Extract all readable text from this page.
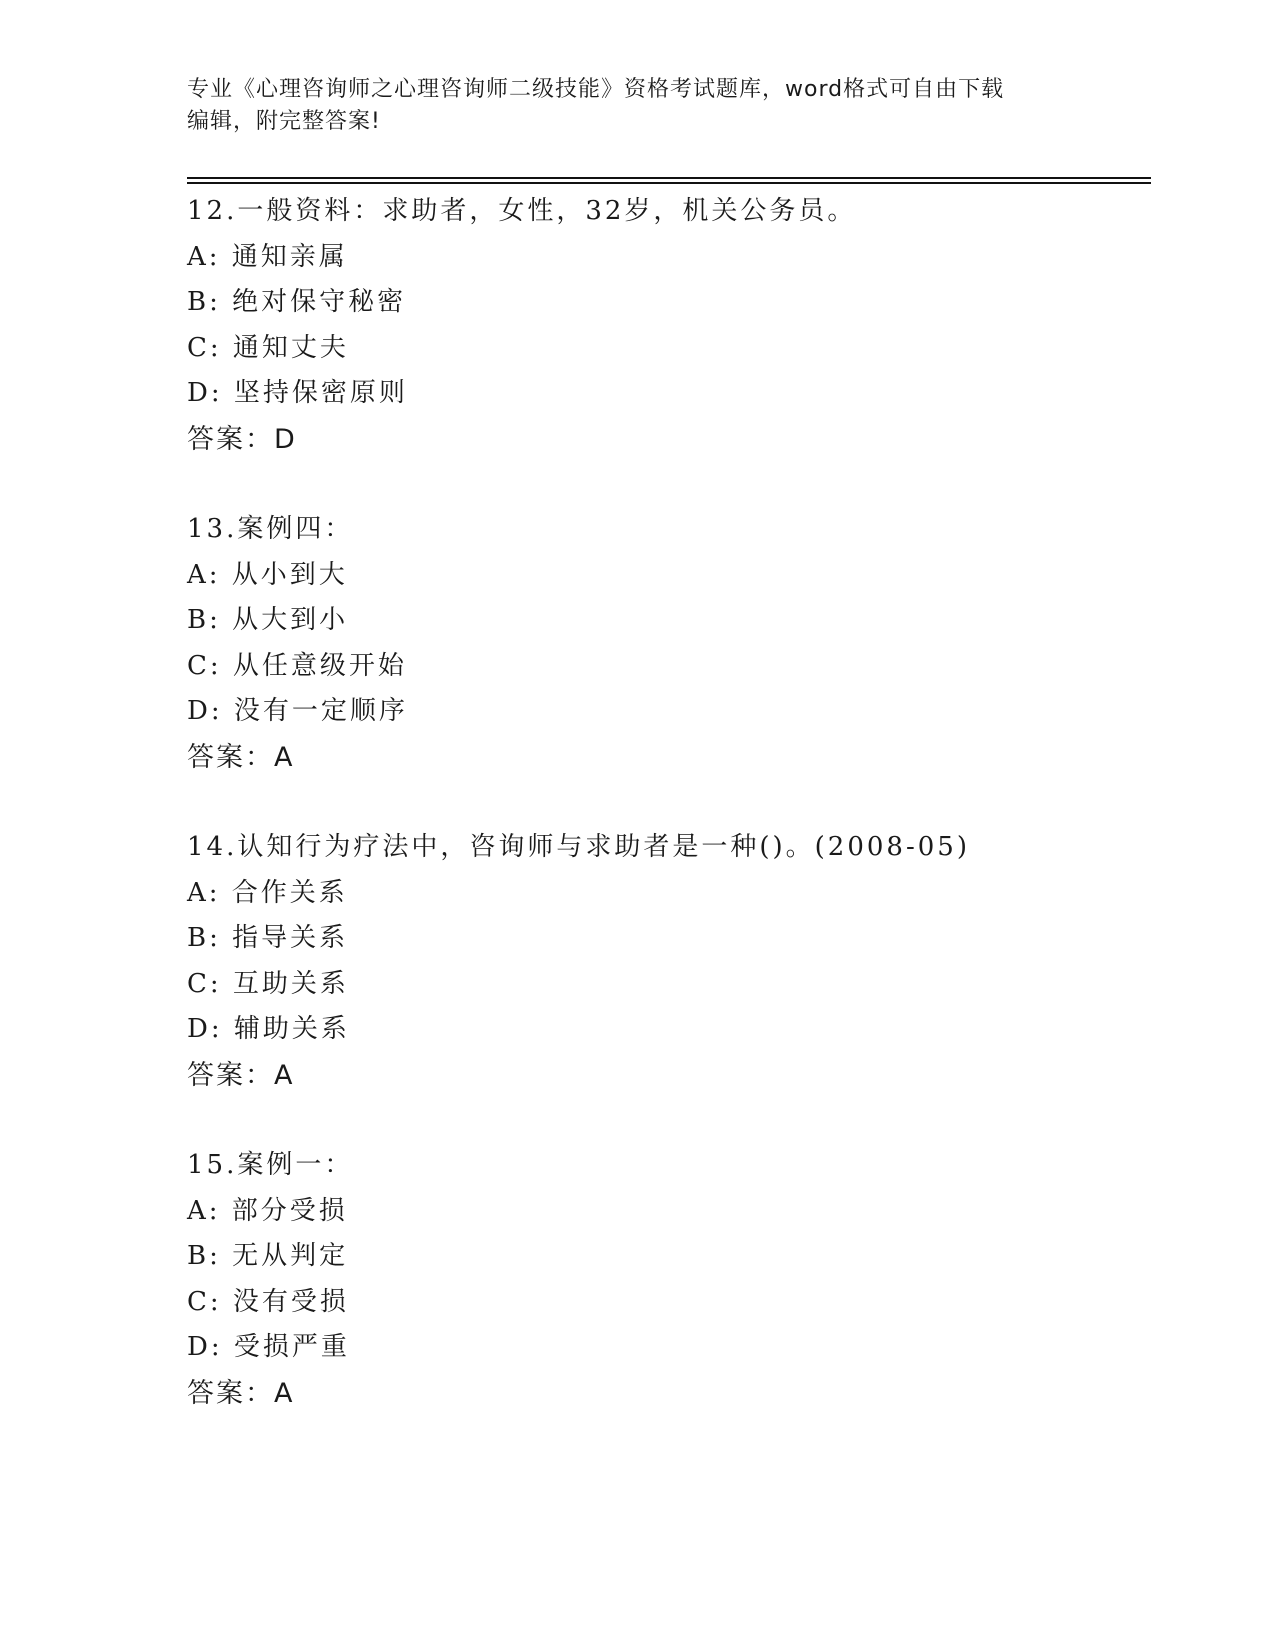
专业《心理咨询师之心理咨询师二级技能》资格考试题库，word格式可自由下载
编辑，附完整答案!
12.一般资料：求助者，女性，32岁，机关公务员。
A: 通知亲属
B: 绝对保守秘密
C: 通知丈夫
D: 坚持保密原则
答案：D
13.案例四：
A: 从小到大
B: 从大到小
C: 从任意级开始
D: 没有一定顺序
答案：A
14.认知行为疗法中，咨询师与求助者是一种()。(2008-05)
A: 合作关系
B: 指导关系
C: 互助关系
D: 辅助关系
答案：A
15.案例一：
A: 部分受损
B: 无从判定
C: 没有受损
D: 受损严重
答案：A
